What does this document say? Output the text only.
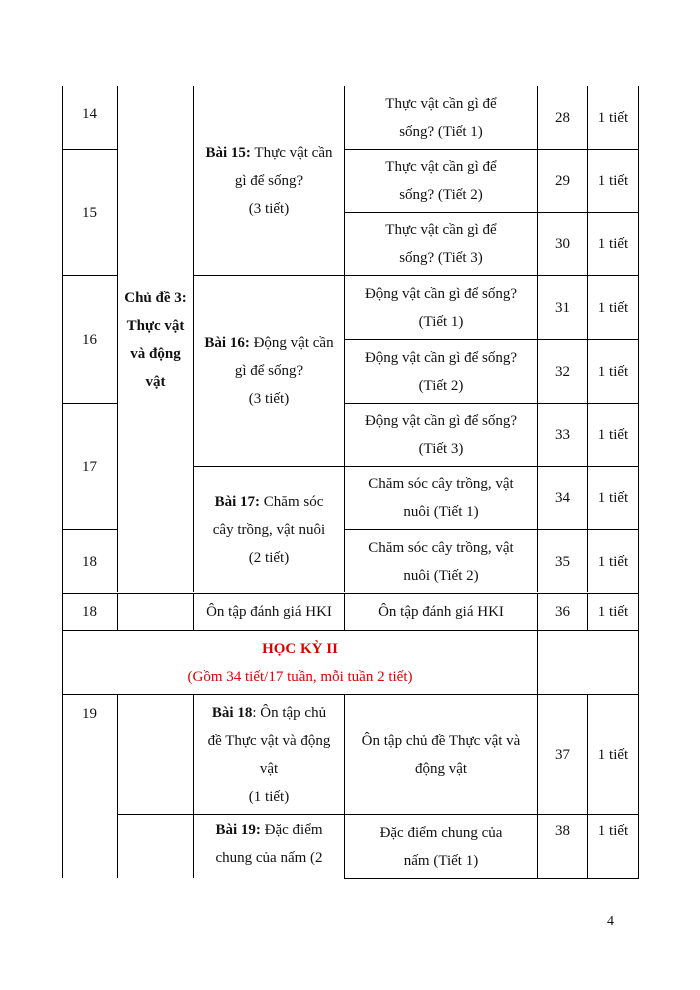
14
15
16
17
18
18
19
Chủ đề 3:
Thực vật
và động
vật
Bài 15: Thực vật cần
gì để sống?
(3 tiết)
Bài 16: Động vật cần
gì để sống?
(3 tiết)
Bài 17: Chăm sóc
cây trồng, vật nuôi
(2 tiết)
Ôn tập đánh giá HKI
Bài 18: Ôn tập chủ
đề Thực vật và động
vật
(1 tiết)
Bài 19: Đặc điểm
chung của nấm (2
Thực vật cần gì để
sống? (Tiết 1)
28 1 tiết
Thực vật cần gì để
sống? (Tiết 2)
29 1 tiết
Thực vật cần gì để
sống? (Tiết 3)
30 1 tiết
Động vật cần gì để sống?
(Tiết 1)
31 1 tiết
Động vật cần gì để sống?
(Tiết 2)
32 1 tiết
Động vật cần gì để sống?
(Tiết 3)
33 1 tiết
Chăm sóc cây trồng, vật
nuôi (Tiết 1)
34 1 tiết
Chăm sóc cây trồng, vật
nuôi (Tiết 2)
35 1 tiết
Ôn tập đánh giá HKI	36 1 tiết
HỌC KỲ II
(Gồm 34 tiết/17 tuần, mỗi tuần 2 tiết)
Ôn tập chủ đề Thực vật và
động vật
37 1 tiết
Đặc điểm chung của
nấm (Tiết 1)
38 1 tiết
4
